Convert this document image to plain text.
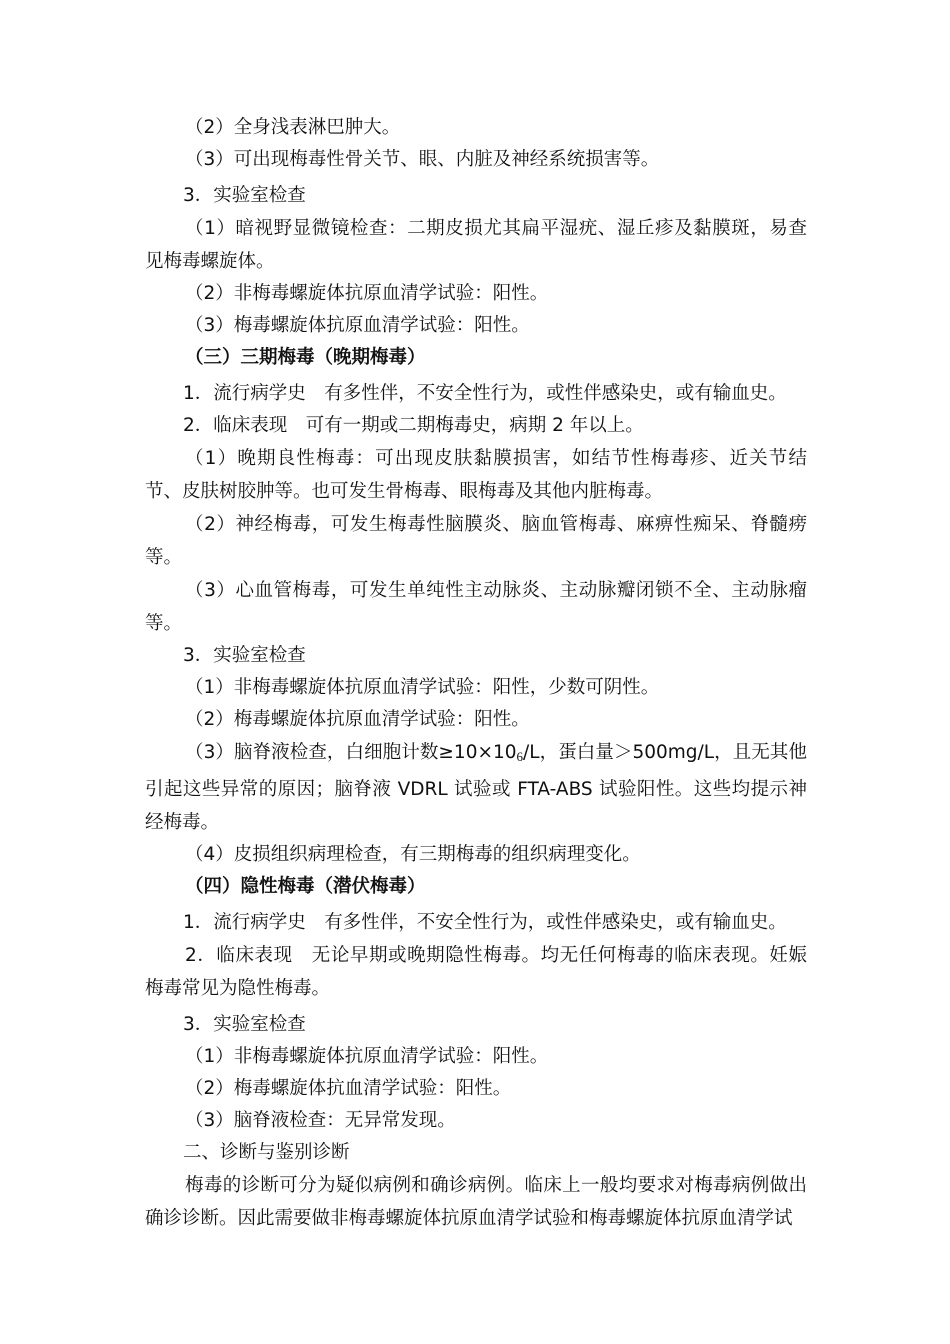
（2）全身浅表淋巴肿大。

（3）可出现梅毒性骨关节、眼、内脏及神经系统损害等。

3．实验室检查

（1）暗视野显微镜检查：二期皮损尤其扁平湿疣、湿丘疹及黏膜斑，易查见梅毒螺旋体。

（2）非梅毒螺旋体抗原血清学试验：阳性。

（3）梅毒螺旋体抗原血清学试验：阳性。

（三）三期梅毒（晚期梅毒）

1．流行病学史　有多性伴，不安全性行为，或性伴感染史，或有输血史。

2．临床表现　可有一期或二期梅毒史，病期 2 年以上。

（1）晚期良性梅毒：可出现皮肤黏膜损害，如结节性梅毒疹、近关节结节、皮肤树胶肿等。也可发生骨梅毒、眼梅毒及其他内脏梅毒。

（2）神经梅毒，可发生梅毒性脑膜炎、脑血管梅毒、麻痹性痴呆、脊髓痨等。

（3）心血管梅毒，可发生单纯性主动脉炎、主动脉瓣闭锁不全、主动脉瘤等。

3．实验室检查

（1）非梅毒螺旋体抗原血清学试验：阳性，少数可阴性。

（2）梅毒螺旋体抗原血清学试验：阳性。

（3）脑脊液检查，白细胞计数$\ge 10\times 10_6/L$，蛋白量＞500mg/L，且无其他引起这些异常的原因；脑脊液 VDRL 试验或 FTA-ABS 试验阳性。这些均提示神经梅毒。

（4）皮损组织病理检查，有三期梅毒的组织病理变化。

（四）隐性梅毒（潜伏梅毒）

1．流行病学史　有多性伴，不安全性行为，或性伴感染史，或有输血史。

2．临床表现　无论早期或晚期隐性梅毒。均无任何梅毒的临床表现。妊娠梅毒常见为隐性梅毒。

3．实验室检查

（1）非梅毒螺旋体抗原血清学试验：阳性。

（2）梅毒螺旋体抗血清学试验：阳性。

（3）脑脊液检查：无异常发现。

二、诊断与鉴别诊断

梅毒的诊断可分为疑似病例和确诊病例。临床上一般均要求对梅毒病例做出确诊诊断。因此需要做非梅毒螺旋体抗原血清学试验和梅毒螺旋体抗原血清学试
